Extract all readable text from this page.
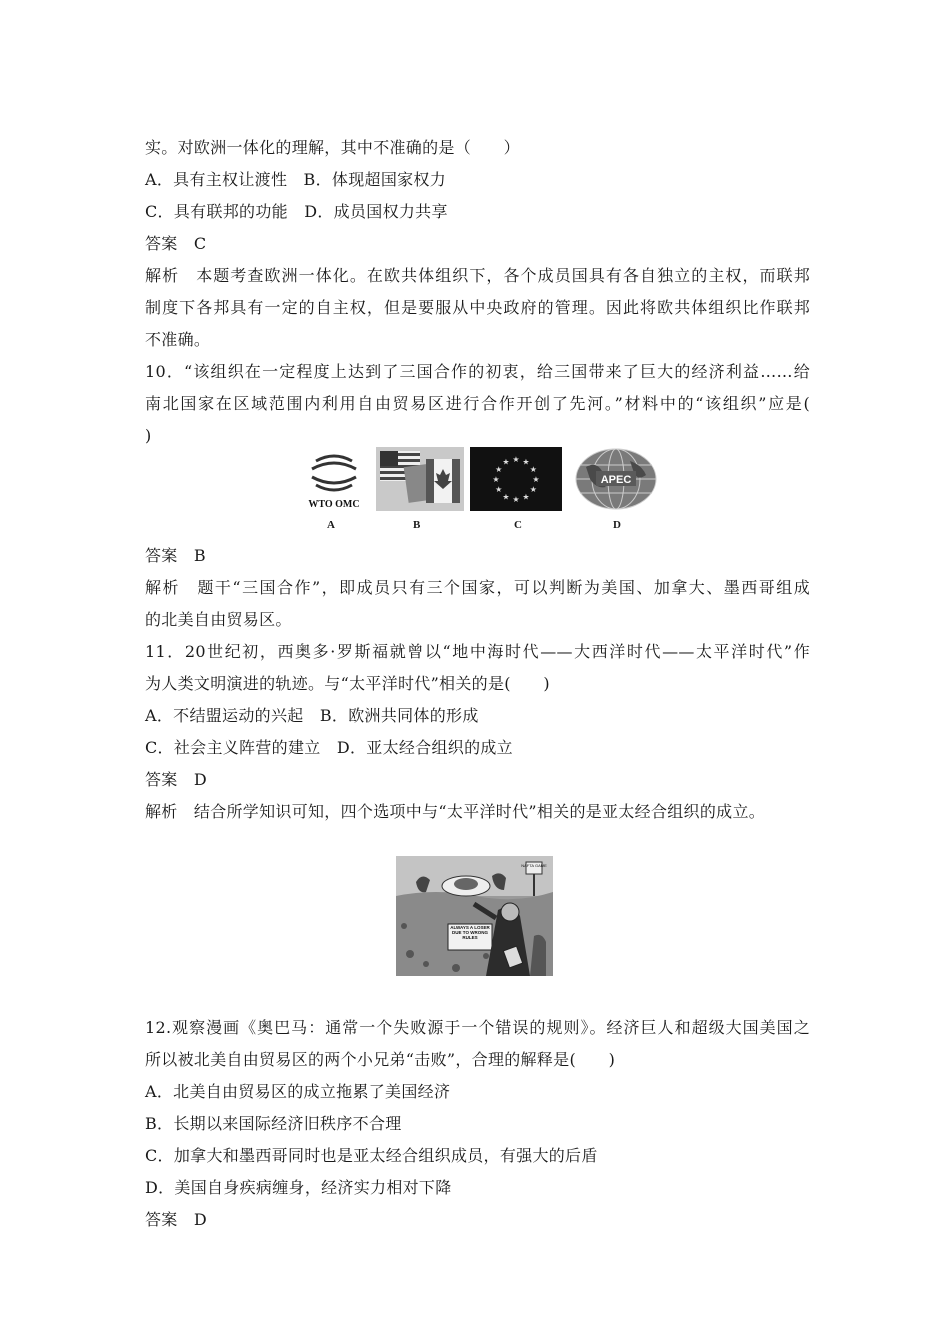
实。对欧洲一体化的理解，其中不准确的是（　　）
A．具有主权让渡性　B．体现超国家权力
C．具有联邦的功能　D．成员国权力共享
答案　C
解析　本题考查欧洲一体化。在欧共体组织下，各个成员国具有各自独立的主权，而联邦
制度下各邦具有一定的自主权，但是要服从中央政府的管理。因此将欧共体组织比作联邦
不准确。
10．“该组织在一定程度上达到了三国合作的初衷，给三国带来了巨大的经济利益……给
南北国家在区域范围内利用自由贸易区进行合作开创了先河。”材料中的“该组织”应是(
)
WTO OMC
A	B
★
★
★
★
★
★
★
★
★ ★ ★
★
C
APEC
D
答案　B
解析　题干“三国合作”，即成员只有三个国家，可以判断为美国、加拿大、墨西哥组成
的北美自由贸易区。
11．20世纪初，西奥多·罗斯福就曾以“地中海时代——大西洋时代——太平洋时代”作
为人类文明演进的轨迹。与“太平洋时代”相关的是(　　)
A．不结盟运动的兴起　B．欧洲共同体的形成
C．社会主义阵营的建立　D．亚太经合组织的成立
答案　D
解析　结合所学知识可知，四个选项中与“太平洋时代”相关的是亚太经合组织的成立。
NAFTA GAME
ALWAYS A LOSER DUE TO WRONG RULES
12.观察漫画《奥巴马：通常一个失败源于一个错误的规则》。经济巨人和超级大国美国之
所以被北美自由贸易区的两个小兄弟“击败”，合理的解释是(　　)
A．北美自由贸易区的成立拖累了美国经济
B．长期以来国际经济旧秩序不合理
C．加拿大和墨西哥同时也是亚太经合组织成员，有强大的后盾
D．美国自身疾病缠身，经济实力相对下降
答案　D
